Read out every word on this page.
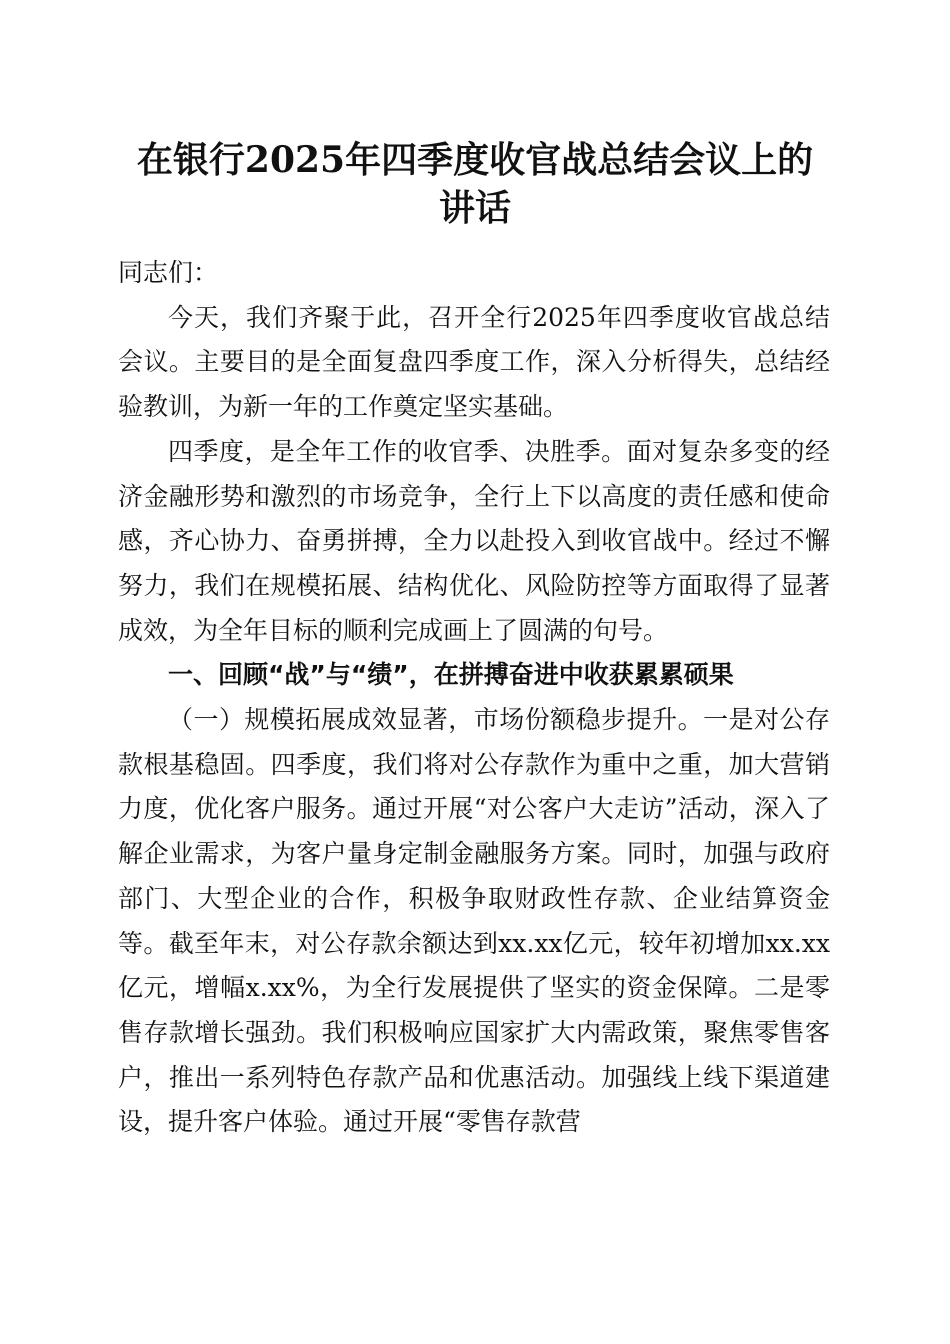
在银行2025年四季度收官战总结会议上的讲话

同志们：

今天，我们齐聚于此，召开全行2025年四季度收官战总结会议。主要目的是全面复盘四季度工作，深入分析得失，总结经验教训，为新一年的工作奠定坚实基础。

四季度，是全年工作的收官季、决胜季。面对复杂多变的经济金融形势和激烈的市场竞争，全行上下以高度的责任感和使命感，齐心协力、奋勇拼搏，全力以赴投入到收官战中。经过不懈努力，我们在规模拓展、结构优化、风险防控等方面取得了显著成效，为全年目标的顺利完成画上了圆满的句号。

一、回顾“战”与“绩”，在拼搏奋进中收获累累硕果

（一）规模拓展成效显著，市场份额稳步提升。一是对公存款根基稳固。四季度，我们将对公存款作为重中之重，加大营销力度，优化客户服务。通过开展“对公客户大走访”活动，深入了解企业需求，为客户量身定制金融服务方案。同时，加强与政府部门、大型企业的合作，积极争取财政性存款、企业结算资金等。截至年末，对公存款余额达到xx.xx亿元，较年初增加xx.xx亿元，增幅x.xx%，为全行发展提供了坚实的资金保障。二是零售存款增长强劲。我们积极响应国家扩大内需政策，聚焦零售客户，推出一系列特色存款产品和优惠活动。加强线上线下渠道建设，提升客户体验。通过开展“零售存款营
